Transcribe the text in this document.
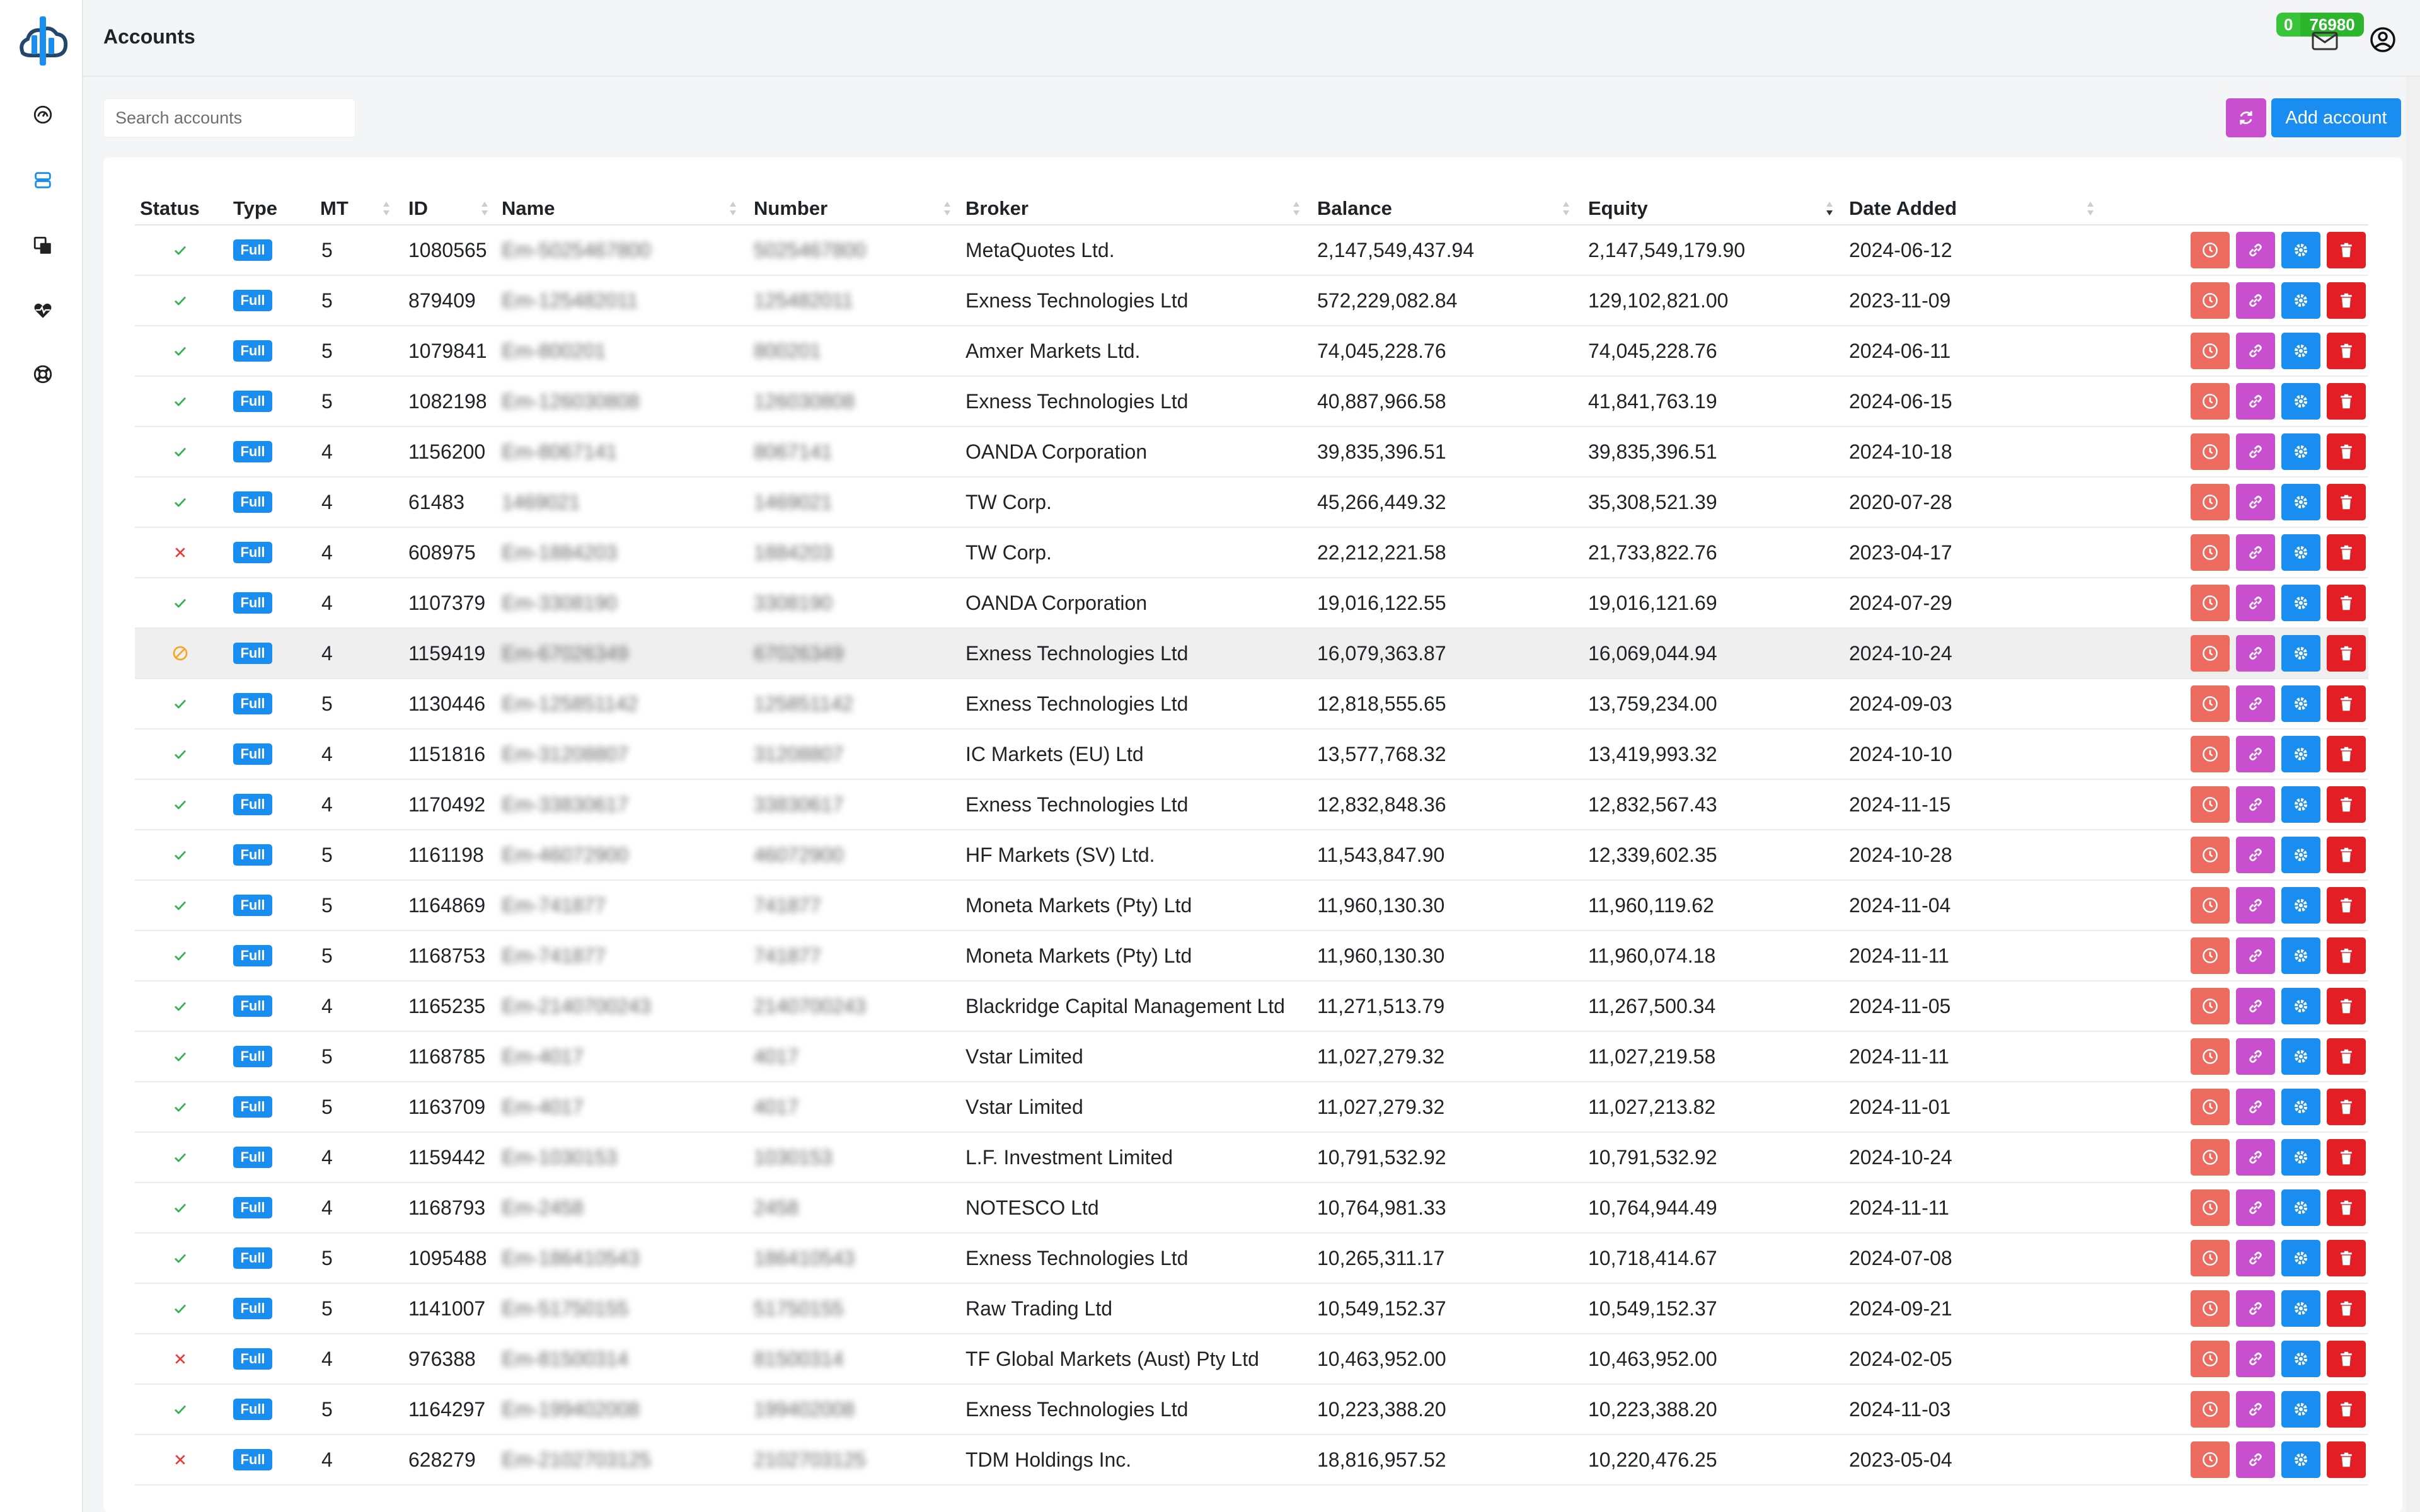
Accounts
0	76980
Search accounts
Add account
Status Type MT	ID	Name	Number	Broker	Balance	Equity	Date Added
Full	5	1080565 Em-5025467800	5025467800	MetaQuotes Ltd.	2,147,549,437.94	2,147,549,179.90	2024-06-12
Full	5	879409 Em-125482011	125482011	Exness Technologies Ltd	572,229,082.84	129,102,821.00	2023-11-09
Full	5	1079841 Em-800201	800201	Amxer Markets Ltd.	74,045,228.76	74,045,228.76	2024-06-11
Full	5	1082198 Em-126030808	126030808	Exness Technologies Ltd	40,887,966.58	41,841,763.19	2024-06-15
Full	4	1156200 Em-8067141	8067141	OANDA Corporation	39,835,396.51	39,835,396.51	2024-10-18
Full	4	61483 1469021	1469021	TW Corp.	45,266,449.32	35,308,521.39	2020-07-28
Full	4	608975 Em-1884203	1884203	TW Corp.	22,212,221.58	21,733,822.76	2023-04-17
Full	4	1107379 Em-3308190	3308190	OANDA Corporation	19,016,122.55	19,016,121.69	2024-07-29
Full	4	1159419 Em-67026349	67026349	Exness Technologies Ltd	16,079,363.87	16,069,044.94	2024-10-24
Full	5	1130446 Em-125851142	125851142	Exness Technologies Ltd	12,818,555.65	13,759,234.00	2024-09-03
Full	4	1151816 Em-31208807	31208807	IC Markets (EU) Ltd	13,577,768.32	13,419,993.32	2024-10-10
Full	4	1170492 Em-33830617	33830617	Exness Technologies Ltd	12,832,848.36	12,832,567.43	2024-11-15
Full	5	1161198 Em-46072900	46072900	HF Markets (SV) Ltd.	11,543,847.90	12,339,602.35	2024-10-28
Full	5	1164869 Em-741877	741877	Moneta Markets (Pty) Ltd	11,960,130.30	11,960,119.62	2024-11-04
Full	5	1168753 Em-741877	741877	Moneta Markets (Pty) Ltd	11,960,130.30	11,960,074.18	2024-11-11
Full	4	1165235 Em-2140700243	2140700243	Blackridge Capital Management Ltd 11,271,513.79	11,267,500.34	2024-11-05
Full	5	1168785 Em-4017	4017	Vstar Limited	11,027,279.32	11,027,219.58	2024-11-11
Full	5	1163709 Em-4017	4017	Vstar Limited	11,027,279.32	11,027,213.82	2024-11-01
Full	4	1159442 Em-1030153	1030153	L.F. Investment Limited	10,791,532.92	10,791,532.92	2024-10-24
Full	4	1168793 Em-2458	2458	NOTESCO Ltd	10,764,981.33	10,764,944.49	2024-11-11
Full	5	1095488 Em-186410543	186410543	Exness Technologies Ltd	10,265,311.17	10,718,414.67	2024-07-08
Full	5	1141007 Em-51750155	51750155	Raw Trading Ltd	10,549,152.37	10,549,152.37	2024-09-21
Full	4	976388 Em-81500314	81500314	TF Global Markets (Aust) Pty Ltd	10,463,952.00	10,463,952.00	2024-02-05
Full	5	1164297 Em-199402008	199402008	Exness Technologies Ltd	10,223,388.20	10,223,388.20	2024-11-03
Full	4	628279 Em-2102703125	2102703125	TDM Holdings Inc.	18,816,957.52	10,220,476.25	2023-05-04
